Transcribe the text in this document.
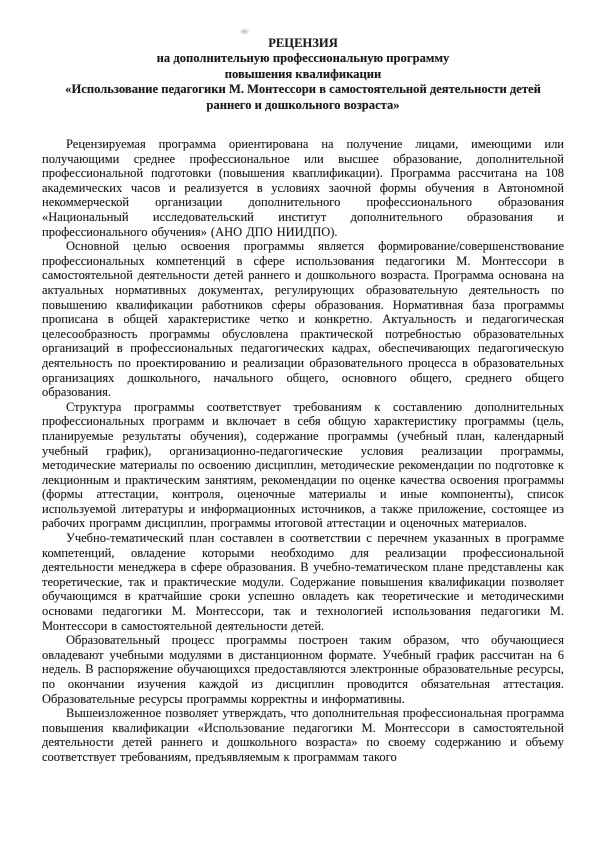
РЕЦЕНЗИЯ
на дополнительную профессиональную программу
повышения квалификации
«Использование педагогики М. Монтессори в самостоятельной деятельности детей раннего и дошкольного возраста»

Рецензируемая программа ориентирована на получение лицами, имеющими или получающими среднее профессиональное или высшее образование, дополнительной профессиональной подготовки (повышения кваплификации). Программа рассчитана на 108 академических часов и реализуется в условиях заочной формы обучения в Автономной некоммерческой организации дополнительного профессионального образования «Национальный исследовательский институт дополнительного образования и профессионального обучения» (АНО ДПО НИИДПО).

Основной целью освоения программы является формирование/совершенствование профессиональных компетенций в сфере использования педагогики М. Монтессори в самостоятельной деятельности детей раннего и дошкольного возраста. Программа основана на актуальных нормативных документах, регулирующих образовательную деятельность по повышению квалификации работников сферы образования. Нормативная база программы прописана в общей характеристике четко и конкретно. Актуальность и педагогическая целесообразность программы обусловлена практической потребностью образовательных организаций в профессиональных педагогических кадрах, обеспечивающих педагогическую деятельность по проектированию и реализации образовательного процесса в образовательных организациях дошкольного, начального общего, основного общего, среднего общего образования.

Структура программы соответствует требованиям к составлению дополнительных профессиональных программ и включает в себя общую характеристику программы (цель, планируемые результаты обучения), содержание программы (учебный план, календарный учебный график), организационно-педагогические условия реализации программы, методические материалы по освоению дисциплин, методические рекомендации по подготовке к лекционным и практическим занятиям, рекомендации по оценке качества освоения программы (формы аттестации, контроля, оценочные материалы и иные компоненты), список используемой литературы и информационных источников, а также приложение, состоящее из рабочих программ дисциплин, программы итоговой аттестации и оценочных материалов.

Учебно-тематический план составлен в соответствии с перечнем указанных в программе компетенций, овладение которыми необходимо для реализации профессиональной деятельности менеджера в сфере образования. В учебно-тематическом плане представлены как теоретические, так и практические модули. Содержание повышения квалификации позволяет обучающимся в кратчайшие сроки успешно овладеть как теоретические и методическими основами педагогики М. Монтессори, так и технологией использования педагогики М. Монтессори в самостоятельной деятельности детей.

Образовательный процесс программы построен таким образом, что обучающиеся овладевают учебными модулями в дистанционном формате. Учебный график рассчитан на 6 недель. В распоряжение обучающихся предоставляются электронные образовательные ресурсы, по окончании изучения каждой из дисциплин проводится обязательная аттестация. Образовательные ресурсы программы корректны и информативны.

Вышеизложенное позволяет утверждать, что дополнительная профессиональная программа повышения квалификации «Использование педагогики М. Монтессори в самостоятельной деятельности детей раннего и дошкольного возраста» по своему содержанию и объему соответствует требованиям, предъявляемым к программам такого
